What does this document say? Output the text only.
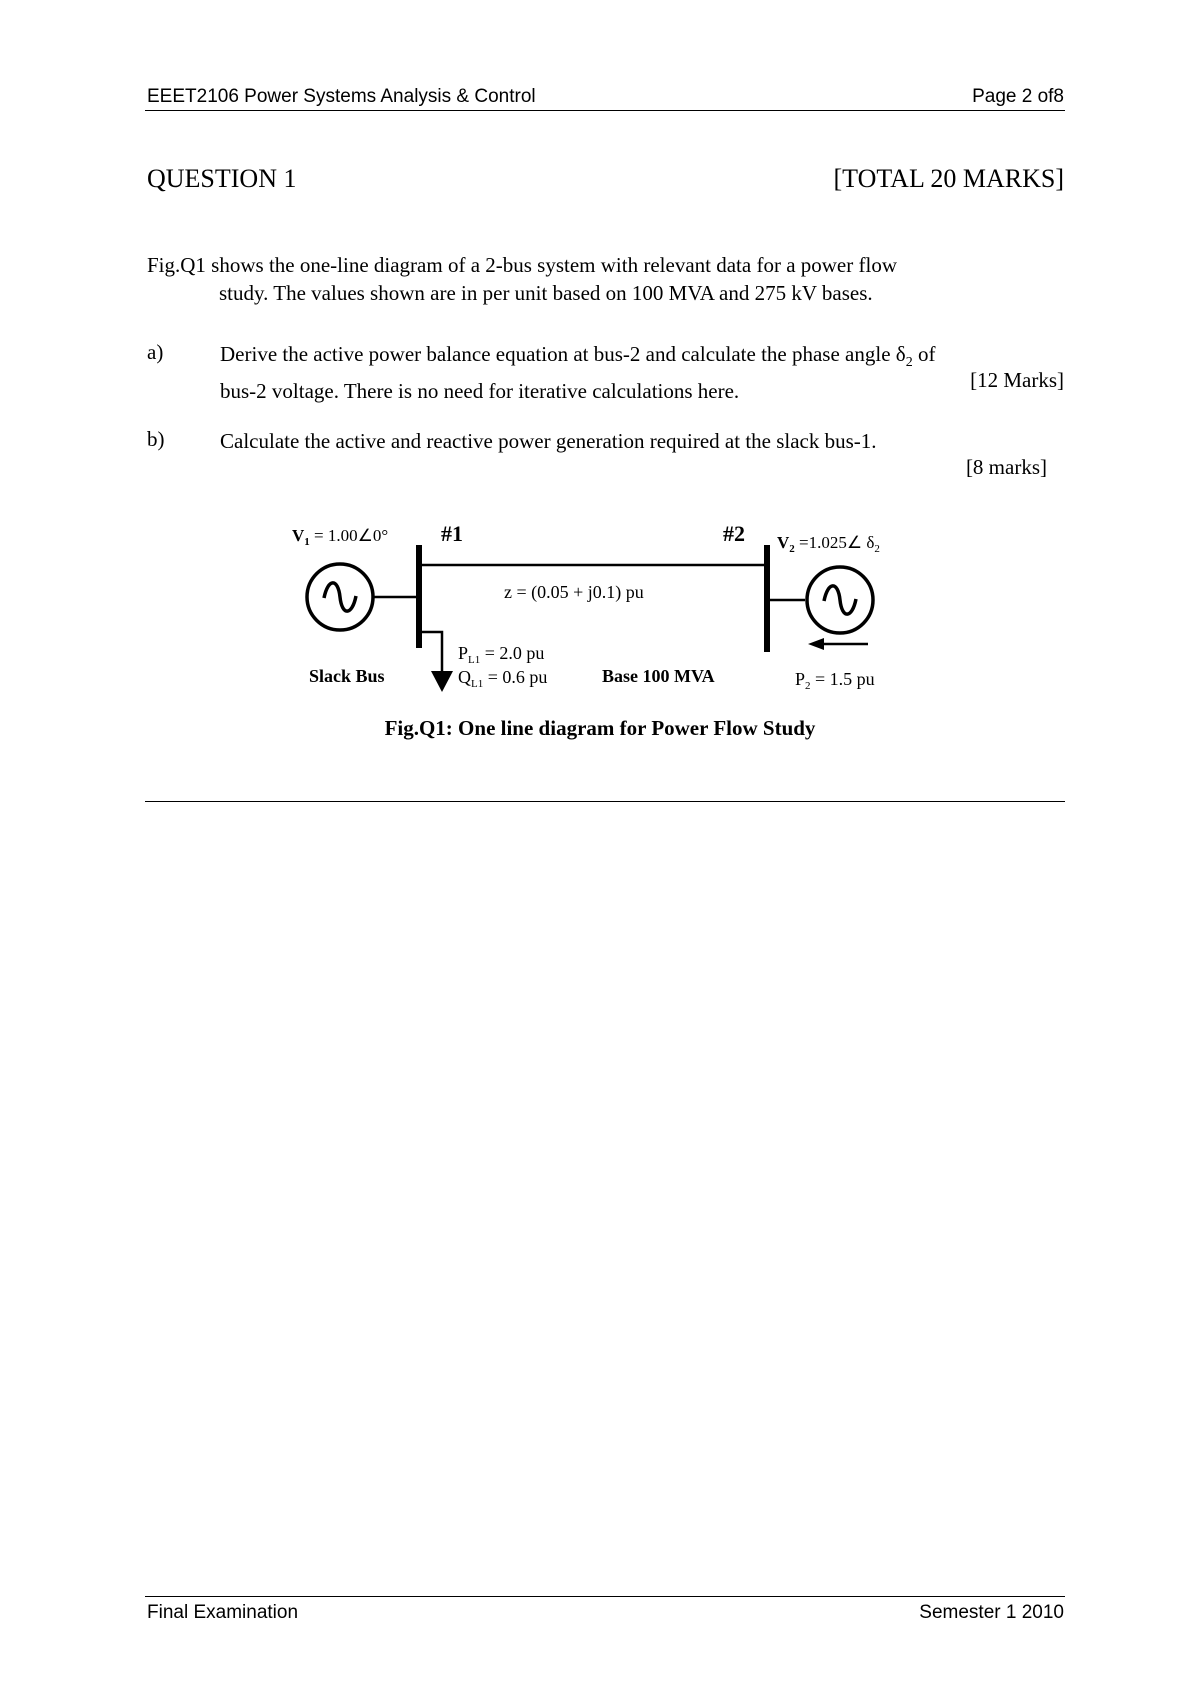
EEET2106 Power Systems Analysis & Control	Page 2 of8
QUESTION 1	[TOTAL 20 MARKS]
Fig.Q1 shows the one-line diagram of a 2-bus system with relevant data for a power flow
study. The values shown are in per unit based on 100 MVA and 275 kV bases.
a)	Derive the active power balance equation at bus-2 and calculate the phase angle $\delta_2$ of
bus-2 voltage. There is no need for iterative calculations here.	[12 Marks]
b)	Calculate the active and reactive power generation required at the slack bus-1.
[8 marks]
$V_1$ = 1.00∠0° #1	#2 $V_2$ =1.025∠ $\delta_2$
z = (0.05 + j0.1) pu
$P_{L1} = 2.0$ pu
$Q_{L1} = 0.6$ pu
Slack Bus	Base 100 MVA	$P_2 = 1.5$ pu
Fig.Q1: One line diagram for Power Flow Study
Final Examination	Semester 1 2010
